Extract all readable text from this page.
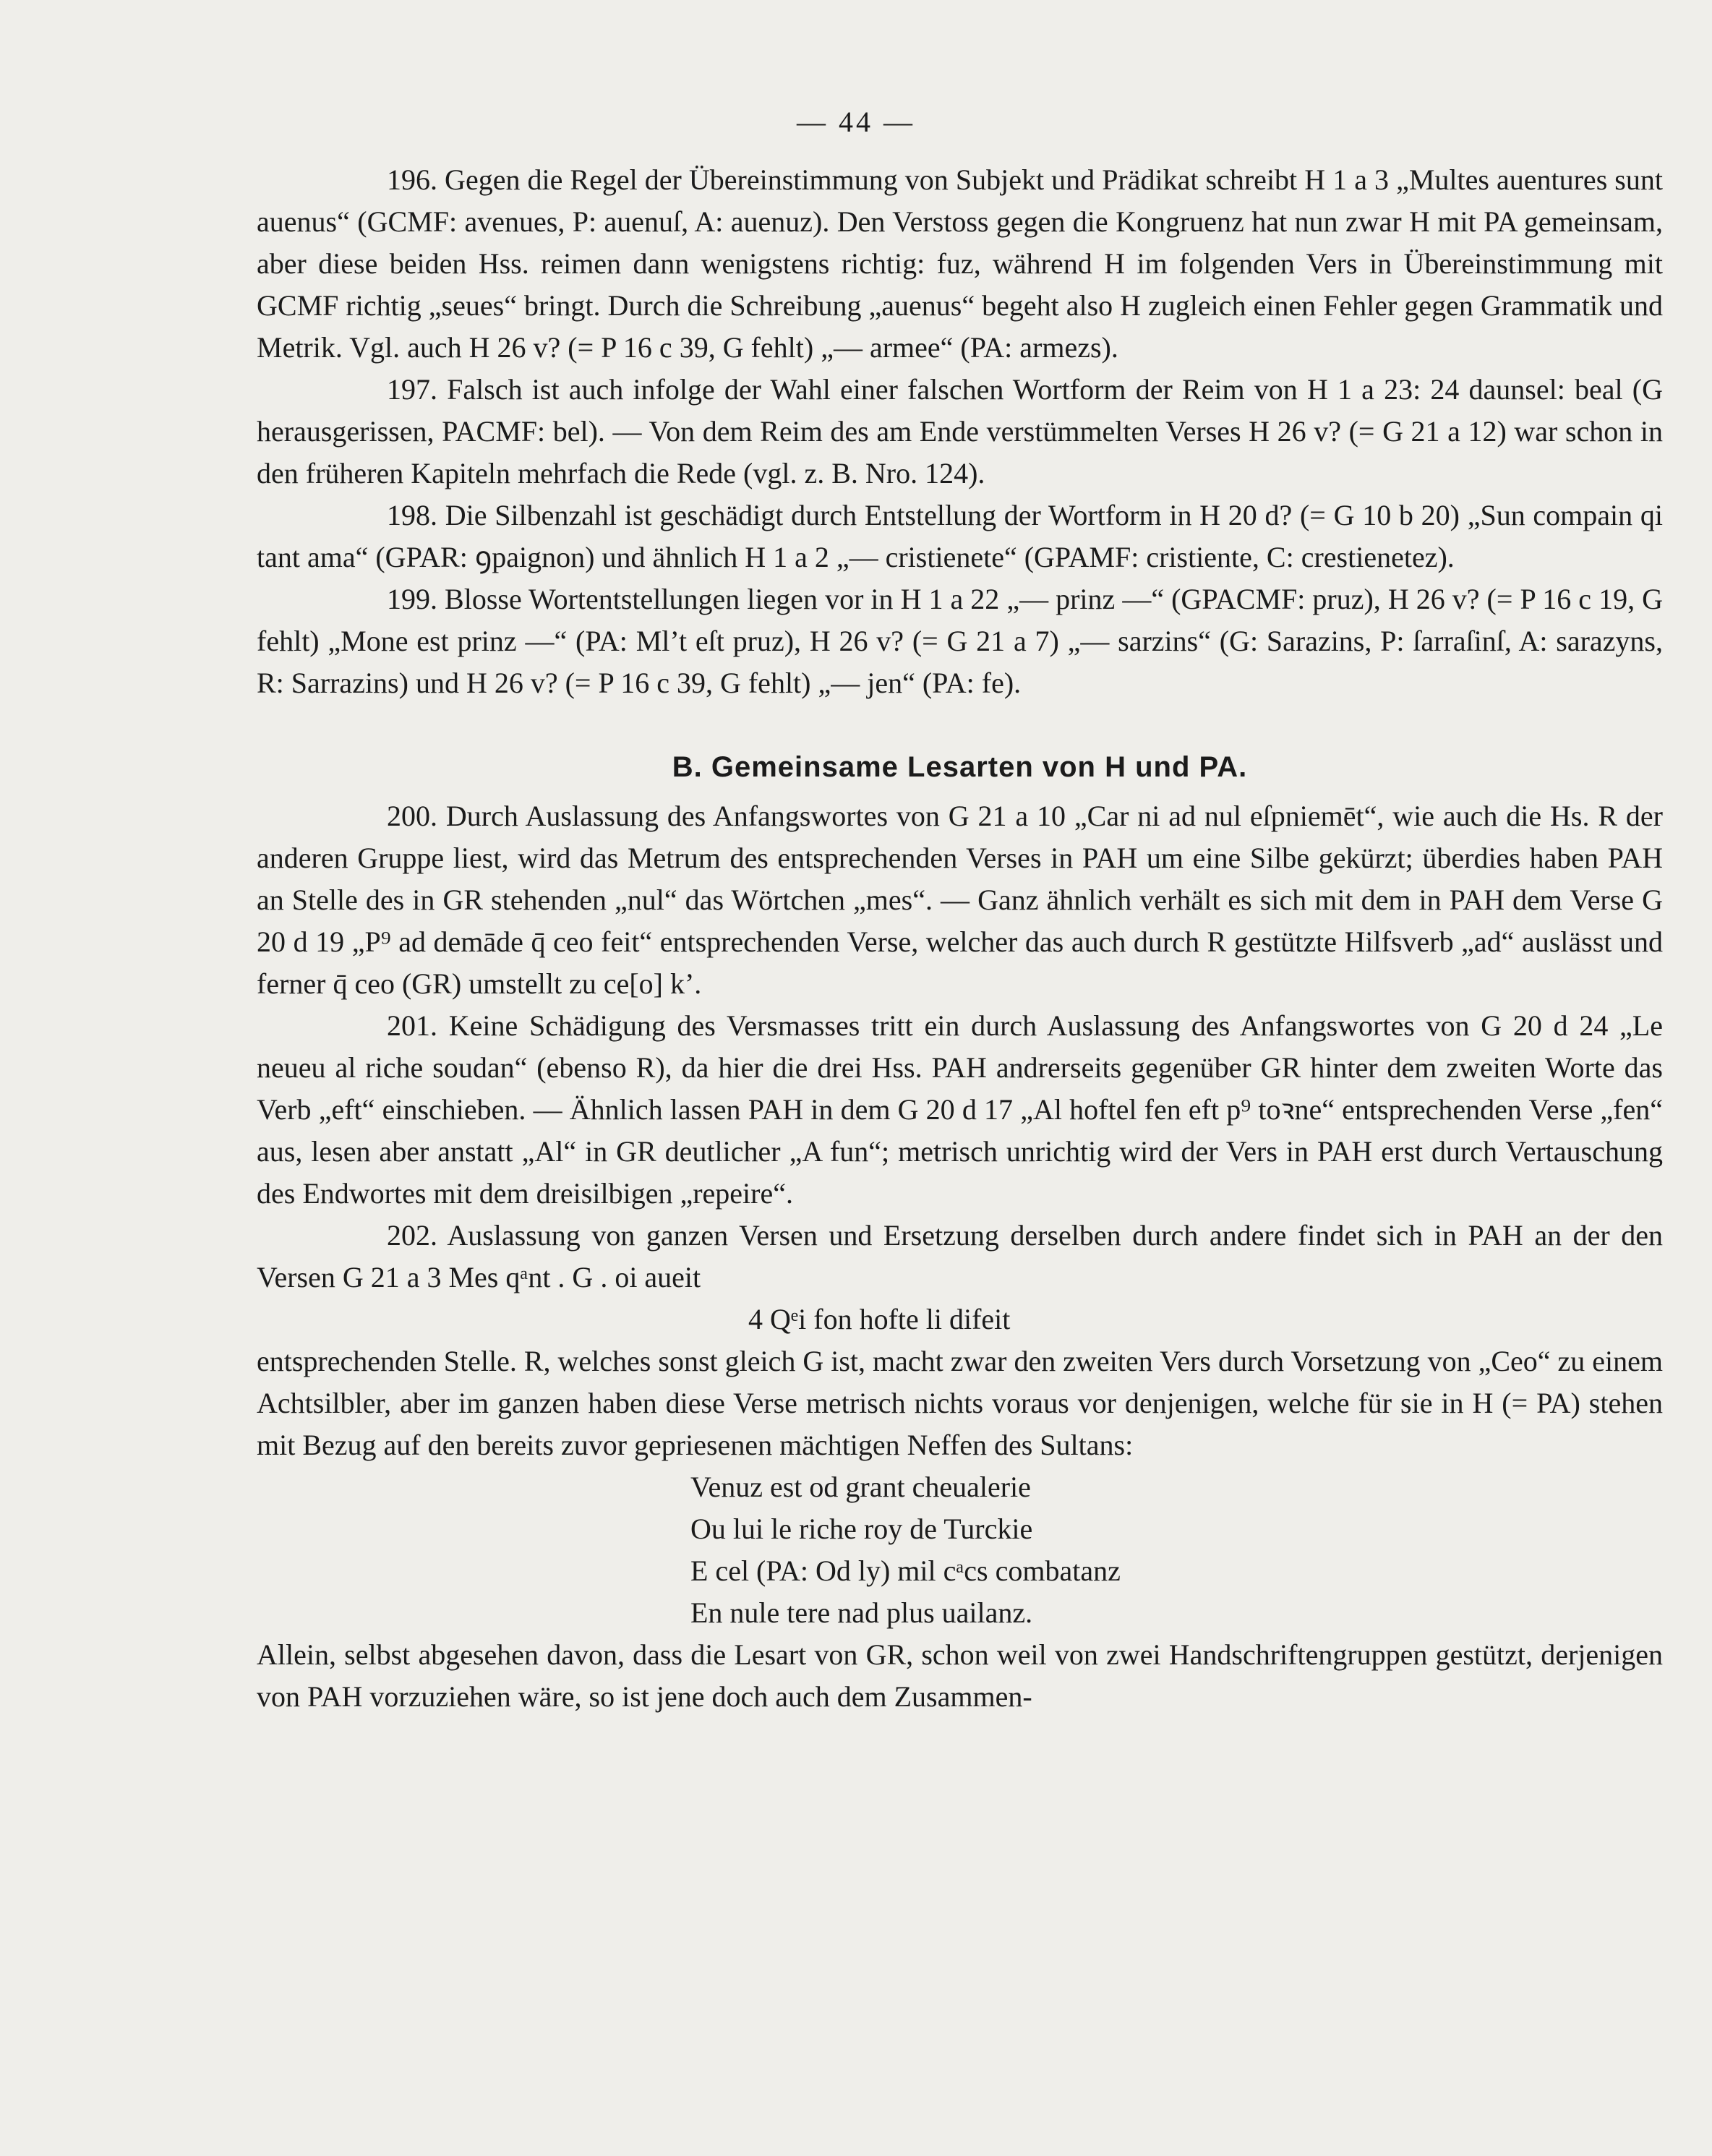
— 44 —

196. Gegen die Regel der Übereinstimmung von Subjekt und Prädikat schreibt H 1 a 3 „Multes auentures sunt auenus“ (GCMF: avenues, P: auenuſ, A: auenuz). Den Verstoss gegen die Kongruenz hat nun zwar H mit PA gemeinsam, aber diese beiden Hss. reimen dann wenigstens richtig: fuz, während H im folgenden Vers in Übereinstimmung mit GCMF richtig „seues“ bringt. Durch die Schreibung „auenus“ begeht also H zugleich einen Fehler gegen Grammatik und Metrik. Vgl. auch H 26 v? (= P 16 c 39, G fehlt) „— armee“ (PA: armezs).

197. Falsch ist auch infolge der Wahl einer falschen Wortform der Reim von H 1 a 23: 24 daunsel: beal (G herausgerissen, PACMF: bel). — Von dem Reim des am Ende verstümmelten Verses H 26 v? (= G 21 a 12) war schon in den früheren Kapiteln mehrfach die Rede (vgl. z. B. Nro. 124).

198. Die Silbenzahl ist geschädigt durch Entstellung der Wortform in H 20 d? (= G 10 b 20) „Sun compain qi tant ama“ (GPAR: ꝯpaignon) und ähnlich H 1 a 2 „— cristienete“ (GPAMF: cristiente, C: crestienetez).

199. Blosse Wortentstellungen liegen vor in H 1 a 22 „— prinz —“ (GPACMF: pruz), H 26 v? (= P 16 c 19, G fehlt) „Mone est prinz —“ (PA: Ml’t eſt pruz), H 26 v? (= G 21 a 7) „— sarzins“ (G: Sarazins, P: ſarraſinſ, A: sarazyns, R: Sarrazins) und H 26 v? (= P 16 c 39, G fehlt) „— jen“ (PA: fe).

B. Gemeinsame Lesarten von H und PA.

200. Durch Auslassung des Anfangswortes von G 21 a 10 „Car ni ad nul eſpniemēt“, wie auch die Hs. R der anderen Gruppe liest, wird das Metrum des entsprechenden Verses in PAH um eine Silbe gekürzt; überdies haben PAH an Stelle des in GR stehenden „nul“ das Wörtchen „mes“. — Ganz ähnlich verhält es sich mit dem in PAH dem Verse G 20 d 19 „P⁹ ad demāde q̄ ceo feit“ entsprechenden Verse, welcher das auch durch R gestützte Hilfsverb „ad“ auslässt und ferner q̄ ceo (GR) umstellt zu ce[o] k’.

201. Keine Schädigung des Versmasses tritt ein durch Auslassung des Anfangswortes von G 20 d 24 „Le neueu al riche soudan“ (ebenso R), da hier die drei Hss. PAH andrerseits gegenüber GR hinter dem zweiten Worte das Verb „eft“ einschieben. — Ähnlich lassen PAH in dem G 20 d 17 „Al hoftel fen eft p⁹ toꝛne“ entsprechenden Verse „fen“ aus, lesen aber anstatt „Al“ in GR deutlicher „A fun“; metrisch unrichtig wird der Vers in PAH erst durch Vertauschung des Endwortes mit dem dreisilbigen „repeire“.

202. Auslassung von ganzen Versen und Ersetzung derselben durch andere findet sich in PAH an der den Versen G 21 a 3 Mes qᵃnt . G . oi aueit
4 Qᵉi fon hofte li difeit
entsprechenden Stelle. R, welches sonst gleich G ist, macht zwar den zweiten Vers durch Vorsetzung von „Ceo“ zu einem Achtsilbler, aber im ganzen haben diese Verse metrisch nichts voraus vor denjenigen, welche für sie in H (= PA) stehen mit Bezug auf den bereits zuvor gepriesenen mächtigen Neffen des Sultans:

Venuz est od grant cheualerie
Ou lui le riche roy de Turckie
E cel (PA: Od ly) mil cᵃcs combatanz
En nule tere nad plus uailanz.

Allein, selbst abgesehen davon, dass die Lesart von GR, schon weil von zwei Handschriftengruppen gestützt, derjenigen von PAH vorzuziehen wäre, so ist jene doch auch dem Zusammen-
